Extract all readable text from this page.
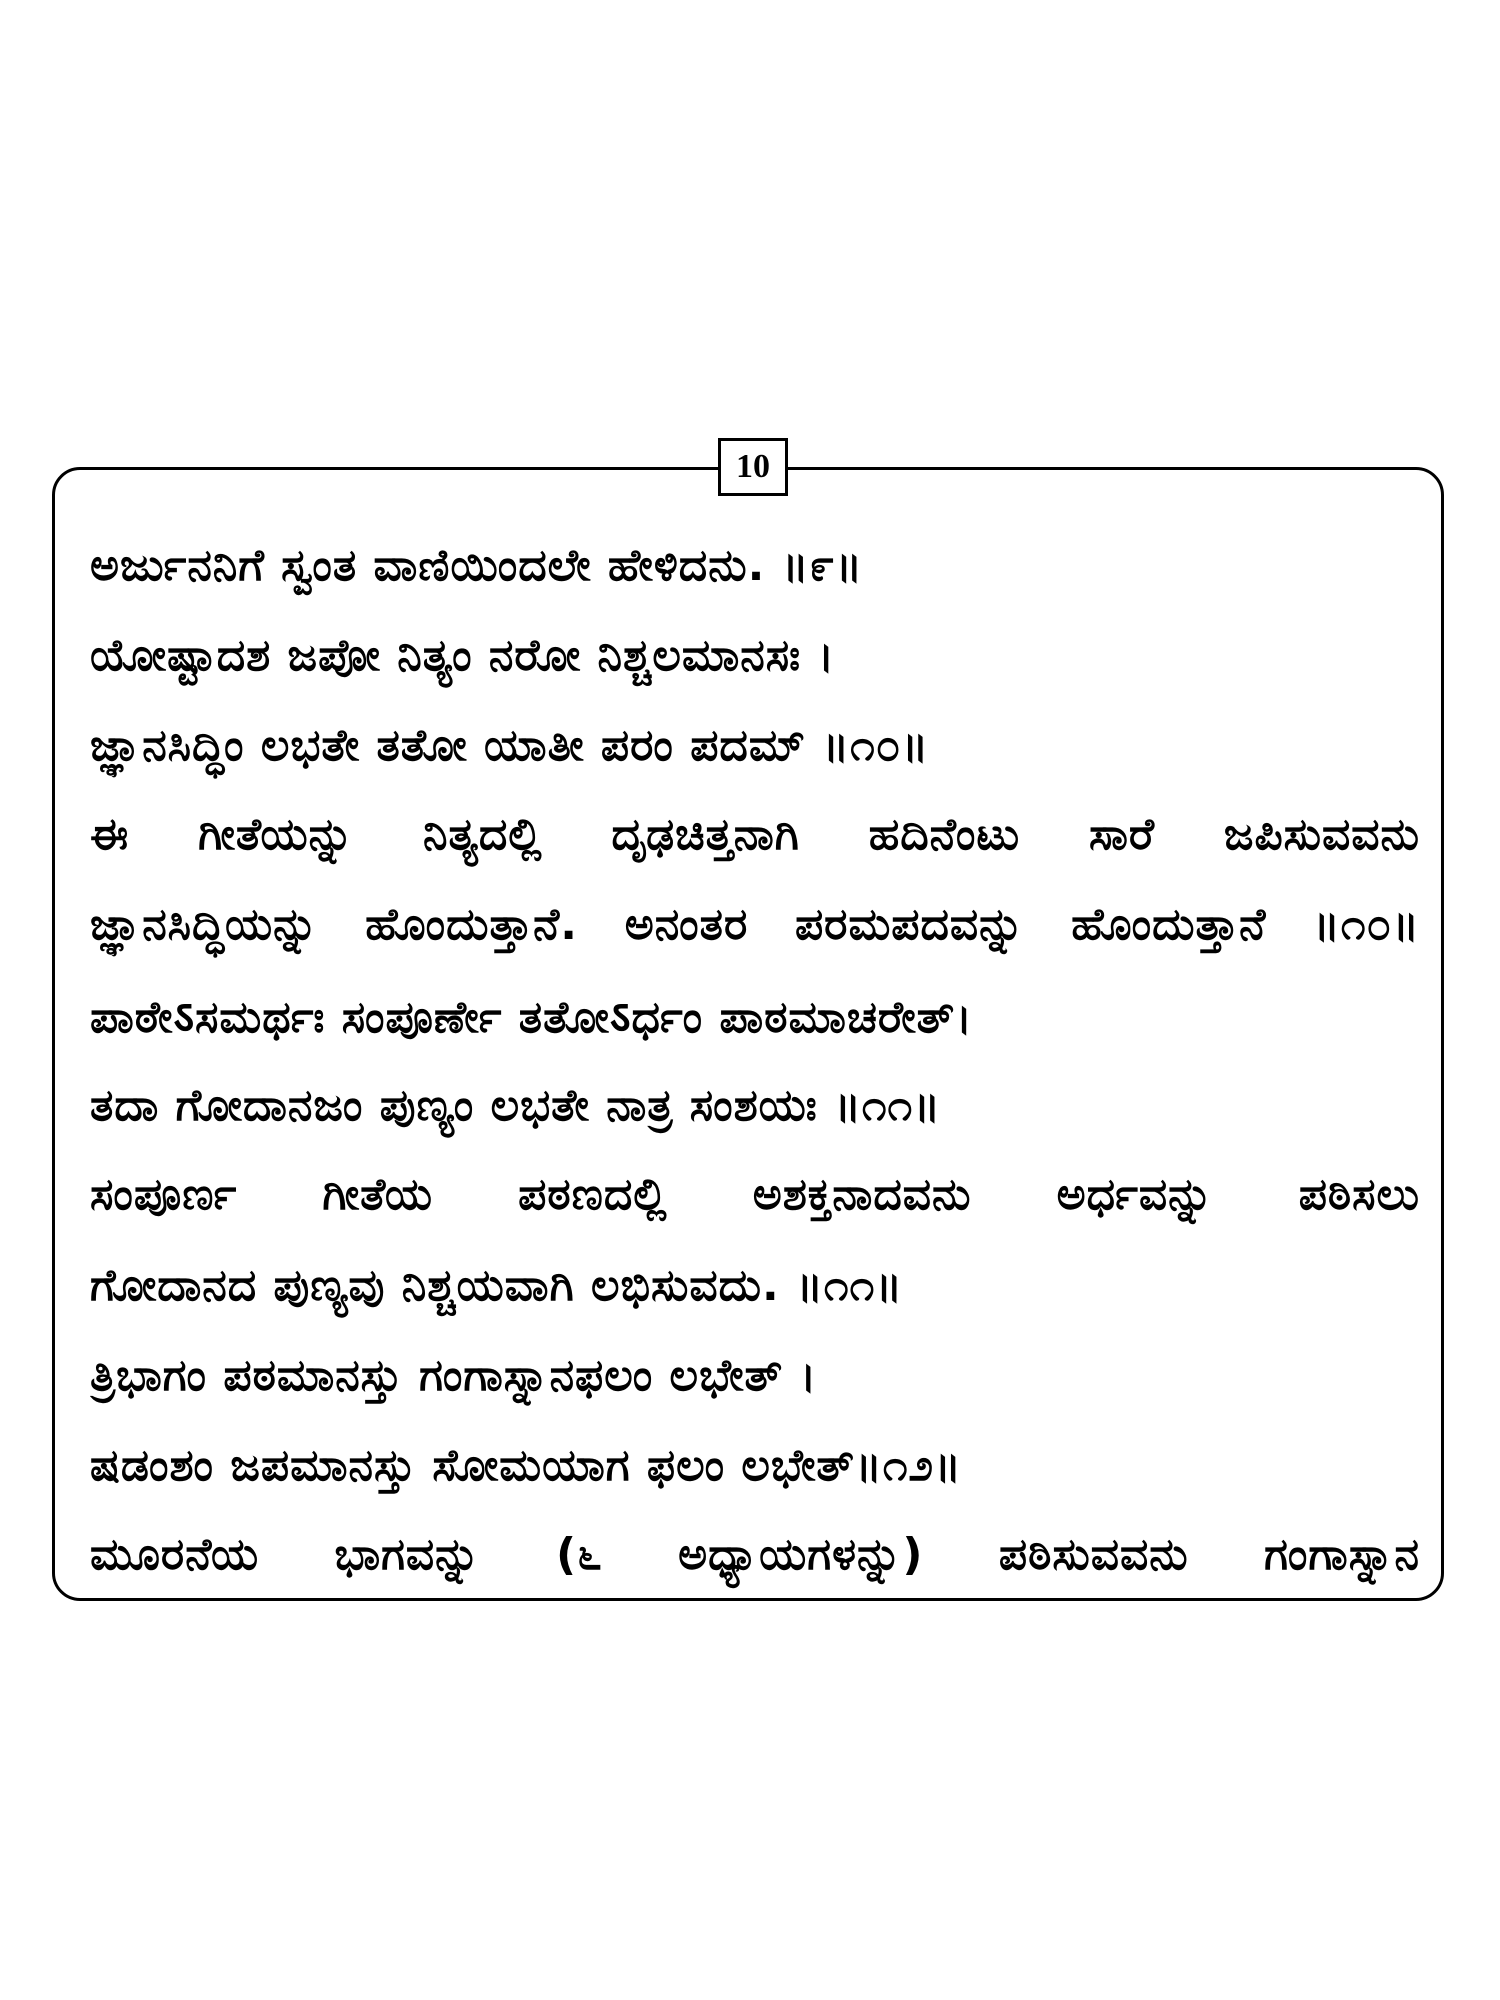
10
ಅರ್ಜುನನಿಗೆ ಸ್ವಂತ ವಾಣಿಯಿಂದಲೇ ಹೇಳಿದನು. ॥೯॥
ಯೋಷ್ಟಾದಶ ಜಪೋ ನಿತ್ಯಂ ನರೋ ನಿಶ್ಚಲಮಾನಸಃ ।
ಜ್ಞಾನಸಿದ್ಧಿಂ ಲಭತೇ ತತೋ ಯಾತೀ ಪರಂ ಪದಮ್ ॥೧೦॥
ಈ ಗೀತೆಯನ್ನು ನಿತ್ಯದಲ್ಲಿ ದೃಢಚಿತ್ತನಾಗಿ ಹದಿನೆಂಟು ಸಾರೆ ಜಪಿಸುವವನು
ಜ್ಞಾನಸಿದ್ಧಿಯನ್ನು ಹೊಂದುತ್ತಾನೆ. ಅನಂತರ ಪರಮಪದವನ್ನು ಹೊಂದುತ್ತಾನೆ ॥೧೦॥
ಪಾಠೇऽಸಮರ್ಥಃ ಸಂಪೂರ್ಣೇ ತತೋऽರ್ಧಂ ಪಾಠಮಾಚರೇತ್।
ತದಾ ಗೋದಾನಜಂ ಪುಣ್ಯಂ ಲಭತೇ ನಾತ್ರ ಸಂಶಯಃ ॥೧೧॥
ಸಂಪೂರ್ಣ ಗೀತೆಯ ಪಠಣದಲ್ಲಿ ಅಶಕ್ತನಾದವನು ಅರ್ಧವನ್ನು ಪಠಿಸಲು
ಗೋದಾನದ ಪುಣ್ಯವು ನಿಶ್ಚಯವಾಗಿ ಲಭಿಸುವದು. ॥೧೧॥
ತ್ರಿಭಾಗಂ ಪಠಮಾನಸ್ತು ಗಂಗಾಸ್ನಾನಫಲಂ ಲಭೇತ್ ।
ಷಡಂಶಂ ಜಪಮಾನಸ್ತು ಸೋಮಯಾಗ ಫಲಂ ಲಭೇತ್॥೧೨॥
ಮೂರನೆಯ ಭಾಗವನ್ನು (೬ ಅಧ್ಯಾಯಗಳನ್ನು) ಪಠಿಸುವವನು ಗಂಗಾಸ್ನಾನ
